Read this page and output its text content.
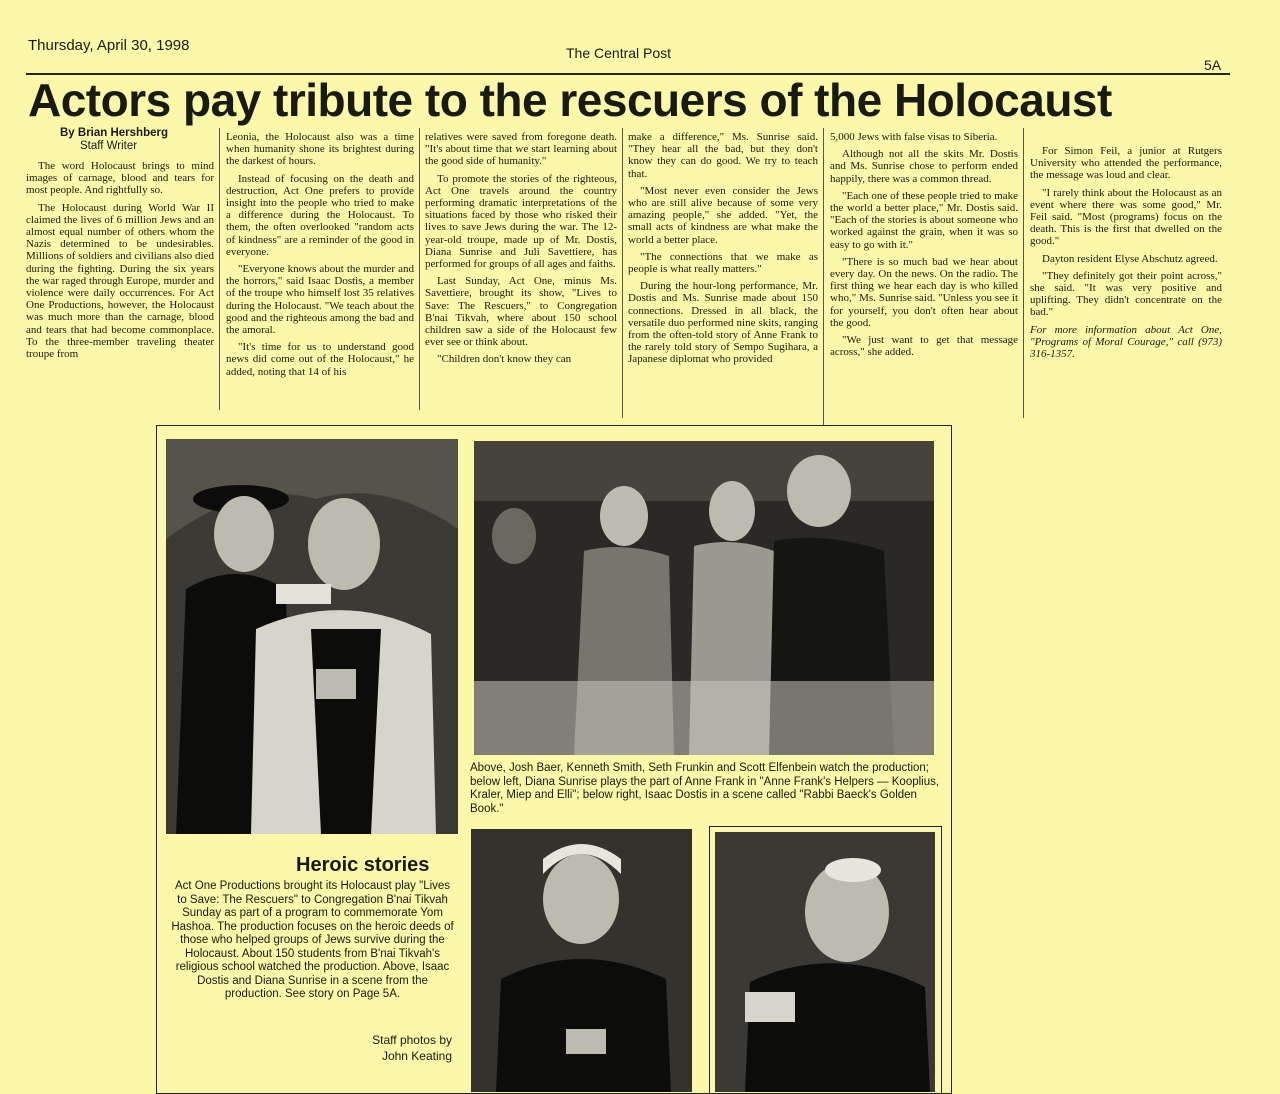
Thursday, April 30, 1998	The Central Post
5A
Actors pay tribute to the rescuers of the Holocaust
By Brian Hershberg
Staff Writer

The word Holocaust brings to mind images of carnage, blood and tears for most people. And rightfully so.

The Holocaust during World War II claimed the lives of 6 million Jews and an almost equal number of others whom the Nazis determined to be undesirables. Millions of soldiers and civilians also died during the fighting. During the six years the war raged through Europe, murder and violence were daily occurrences. For Act One Productions, however, the Holocaust was much more than the carnage, blood and tears that had become commonplace. To the three-member traveling theater troupe from

Leonia, the Holocaust also was a time when humanity shone its brightest during the darkest of hours.

Instead of focusing on the death and destruction, Act One prefers to provide insight into the people who tried to make a difference during the Holocaust. To them, the often overlooked "random acts of kindness" are a reminder of the good in everyone.

"Everyone knows about the murder and the horrors," said Isaac Dostis, a member of the troupe who himself lost 35 relatives during the Holocaust. "We teach about the good and the righteous among the bad and the amoral.

"It's time for us to understand good news did come out of the Holocaust," he added, noting that 14 of his

relatives were saved from foregone death. "It's about time that we start learning about the good side of humanity."

To promote the stories of the righteous, Act One travels around the country performing dramatic interpretations of the situations faced by those who risked their lives to save Jews during the war. The 12-year-old troupe, made up of Mr. Dostis, Diana Sunrise and Juli Savettiere, has performed for groups of all ages and faiths.

Last Sunday, Act One, minus Ms. Savettiere, brought its show, "Lives to Save: The Rescuers," to Congregation B'nai Tikvah, where about 150 school children saw a side of the Holocaust few ever see or think about.

"Children don't know they can

make a difference," Ms. Sunrise said. "They hear all the bad, but they don't know they can do good. We try to teach that.

"Most never even consider the Jews who are still alive because of some very amazing people," she added. "Yet, the small acts of kindness are what make the world a better place.

"The connections that we make as people is what really matters."

During the hour-long performance, Mr. Dostis and Ms. Sunrise made about 150 connections. Dressed in all black, the versatile duo performed nine skits, ranging from the often-told story of Anne Frank to the rarely told story of Sempo Sugihara, a Japanese diplomat who provided

5,000 Jews with false visas to Siberia.

Although not all the skits Mr. Dostis and Ms. Sunrise chose to perform ended happily, there was a common thread.

"Each one of these people tried to make the world a better place," Mr. Dostis said. "Each of the stories is about someone who worked against the grain, when it was so easy to go with it."

"There is so much bad we hear about every day. On the news. On the radio. The first thing we hear each day is who killed who," Ms. Sunrise said. "Unless you see it for yourself, you don't often hear about the good.

"We just want to get that message across," she added.

For Simon Feil, a junior at Rutgers University who attended the performance, the message was loud and clear.

"I rarely think about the Holocaust as an event where there was some good," Mr. Feil said. "Most (programs) focus on the death. This is the first that dwelled on the good."

Dayton resident Elyse Abschutz agreed.

"They definitely got their point across," she said. "It was very positive and uplifting. They didn't concentrate on the bad."

For more information about Act One, "Programs of Moral Courage," call (973) 316-1357.

Above, Josh Baer, Kenneth Smith, Seth Frunkin and Scott Elfenbein watch the production; below left, Diana Sunrise plays the part of Anne Frank in "Anne Frank's Helpers — Kooplius, Kraler, Miep and Elli"; below right, Isaac Dostis in a scene called "Rabbi Baeck's Golden Book."
Heroic stories
Act One Productions brought its Holocaust play "Lives to Save: The Rescuers" to Congregation B'nai Tikvah Sunday as part of a program to commemorate Yom Hashoa. The production focuses on the heroic deeds of those who helped groups of Jews survive during the Holocaust. About 150 students from B'nai Tikvah's religious school watched the production. Above, Isaac Dostis and Diana Sunrise in a scene from the production. See story on Page 5A.
Staff photos by
John Keating
